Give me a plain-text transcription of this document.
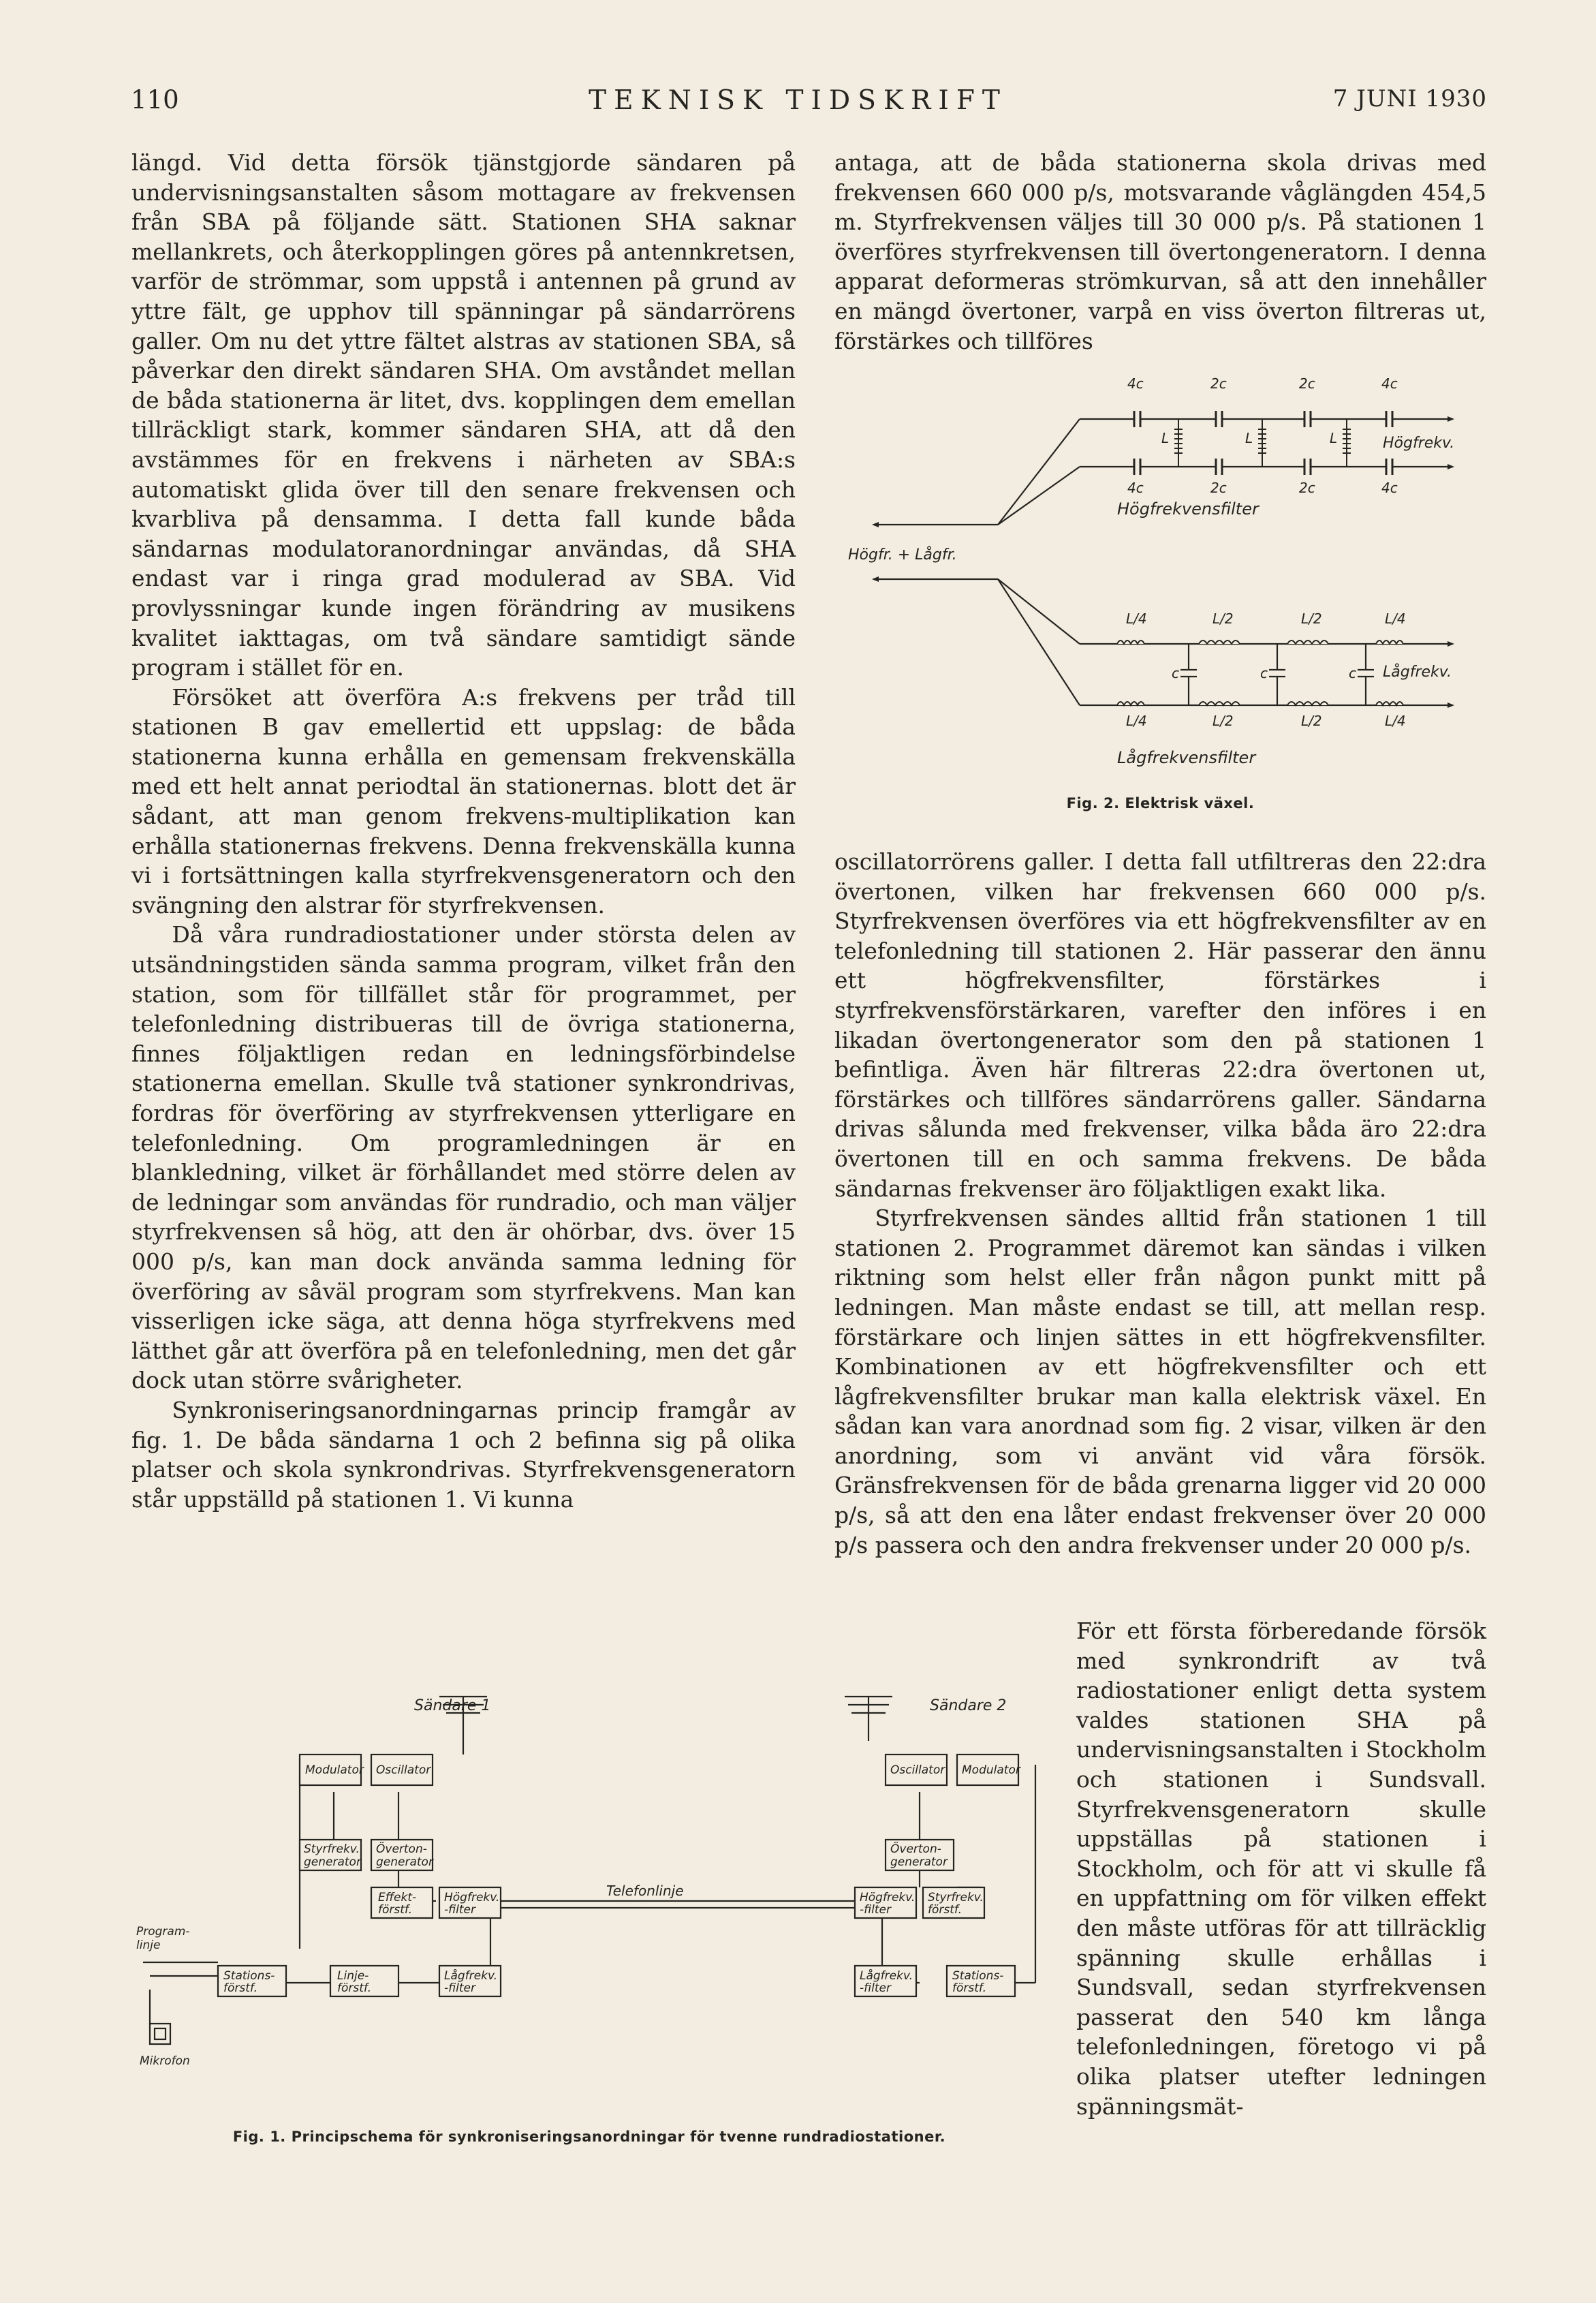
110	TEKNISK TIDSKRIFT	7 JUNI 1930

längd. Vid detta försök tjänstgjorde sändaren på undervisningsanstalten såsom mottagare av frekvensen från SBA på följande sätt. Stationen SHA saknar mellankrets, och återkopplingen göres på antennkretsen, varför de strömmar, som uppstå i antennen på grund av yttre fält, ge upphov till spänningar på sändarrörens galler. Om nu det yttre fältet alstras av stationen SBA, så påverkar den direkt sändaren SHA. Om avståndet mellan de båda stationerna är litet, dvs. kopplingen dem emellan tillräckligt stark, kommer sändaren SHA, att då den avstämmes för en frekvens i närheten av SBA:s automatiskt glida över till den senare frekvensen och kvarbliva på densamma. I detta fall kunde båda sändarnas modulatoranordningar användas, då SHA endast var i ringa grad modulerad av SBA. Vid provlyssningar kunde ingen förändring av musikens kvalitet iakttagas, om två sändare samtidigt sände program i stället för en.

Försöket att överföra A:s frekvens per tråd till stationen B gav emellertid ett uppslag: de båda stationerna kunna erhålla en gemensam frekvenskälla med ett helt annat periodtal än stationernas. blott det är sådant, att man genom frekvens-multiplikation kan erhålla stationernas frekvens. Denna frekvenskälla kunna vi i fortsättningen kalla styrfrekvensgeneratorn och den svängning den alstrar för styrfrekvensen.

Då våra rundradiostationer under största delen av utsändningstiden sända samma program, vilket från den station, som för tillfället står för programmet, per telefonledning distribueras till de övriga stationerna, finnes följaktligen redan en ledningsförbindelse stationerna emellan. Skulle två stationer synkrondrivas, fordras för överföring av styrfrekvensen ytterligare en telefonledning. Om programledningen är en blankledning, vilket är förhållandet med större delen av de ledningar som användas för rundradio, och man väljer styrfrekvensen så hög, att den är ohörbar, dvs. över 15 000 p/s, kan man dock använda samma ledning för överföring av såväl program som styrfrekvens. Man kan visserligen icke säga, att denna höga styrfrekvens med lätthet går att överföra på en telefonledning, men det går dock utan större svårigheter.

Synkroniseringsanordningarnas princip framgår av fig. 1. De båda sändarna 1 och 2 befinna sig på olika platser och skola synkrondrivas. Styrfrekvensgeneratorn står uppställd på stationen 1. Vi kunna

antaga, att de båda stationerna skola drivas med frekvensen 660 000 p/s, motsvarande våglängden 454,5 m. Styrfrekvensen väljes till 30 000 p/s. På stationen 1 överföres styrfrekvensen till övertongeneratorn. I denna apparat deformeras strömkurvan, så att den innehåller en mängd övertoner, varpå en viss överton filtreras ut, förstärkes och tillföres

4c	2c	2c	4c
4c	2c	2c	4c
L	L	L	Högfrekv.
Högfrekvensfilter
Högfr. + Lågfr.
L/4	L/2	L/2	L/4
c	c	c
L/4	L/2	L/2	L/4
Lågfrekv.
Lågfrekvensfilter
Fig. 2. Elektrisk växel.

oscillatorrörens galler. I detta fall utfiltreras den 22:dra övertonen, vilken har frekvensen 660 000 p/s. Styrfrekvensen överföres via ett högfrekvensfilter av en telefonledning till stationen 2. Här passerar den ännu ett högfrekvensfilter, förstärkes i styrfrekvensförstärkaren, varefter den införes i en likadan övertongenerator som den på stationen 1 befintliga. Även här filtreras 22:dra övertonen ut, förstärkes och tillföres sändarrörens galler. Sändarna drivas sålunda med frekvenser, vilka båda äro 22:dra övertonen till en och samma frekvens. De båda sändarnas frekvenser äro följaktligen exakt lika.

Styrfrekvensen sändes alltid från stationen 1 till stationen 2. Programmet däremot kan sändas i vilken riktning som helst eller från någon punkt mitt på ledningen. Man måste endast se till, att mellan resp. förstärkare och linjen sättes in ett högfrekvensfilter. Kombinationen av ett högfrekvensfilter och ett lågfrekvensfilter brukar man kalla elektrisk växel. En sådan kan vara anordnad som fig. 2 visar, vilken är den anordning, som vi använt vid våra försök. Gränsfrekvensen för de båda grenarna ligger vid 20 000 p/s, så att den ena låter endast frekvenser över 20 000 p/s passera och den andra frekvenser under 20 000 p/s.

För ett första förberedande försök med synkrondrift av två radiostationer enligt detta system valdes stationen SHA på undervisningsanstalten i Stockholm och stationen i Sundsvall. Styrfrekvensgeneratorn skulle uppställas på stationen i Stockholm, och för att vi skulle få en uppfattning om för vilken effekt den måste utföras för att tillräcklig spänning skulle erhållas i Sundsvall, sedan styrfrekvensen passerat den 540 km långa telefonledningen, företogo vi på olika platser utefter ledningen spänningsmät-

Sändare 1	Sändare 2
Modulator Oscillator
Styrfrekv.
generator
Överton-
generator
Effekt-
förstf.
Högfrekv.
-filter
Telefonlinje
Program-
linje
Stations-
förstf.
Linje-
förstf.
Lågfrekv.
-filter
Mikrofon
Oscillator Modulator
Överton-
generator
Högfrekv.
-filter
Styrfrekv.
förstf.
Lågfrekv.
-filter
Stations-
förstf.
Fig. 1. Principschema för synkroniseringsanordningar för tvenne rundradiostationer.
